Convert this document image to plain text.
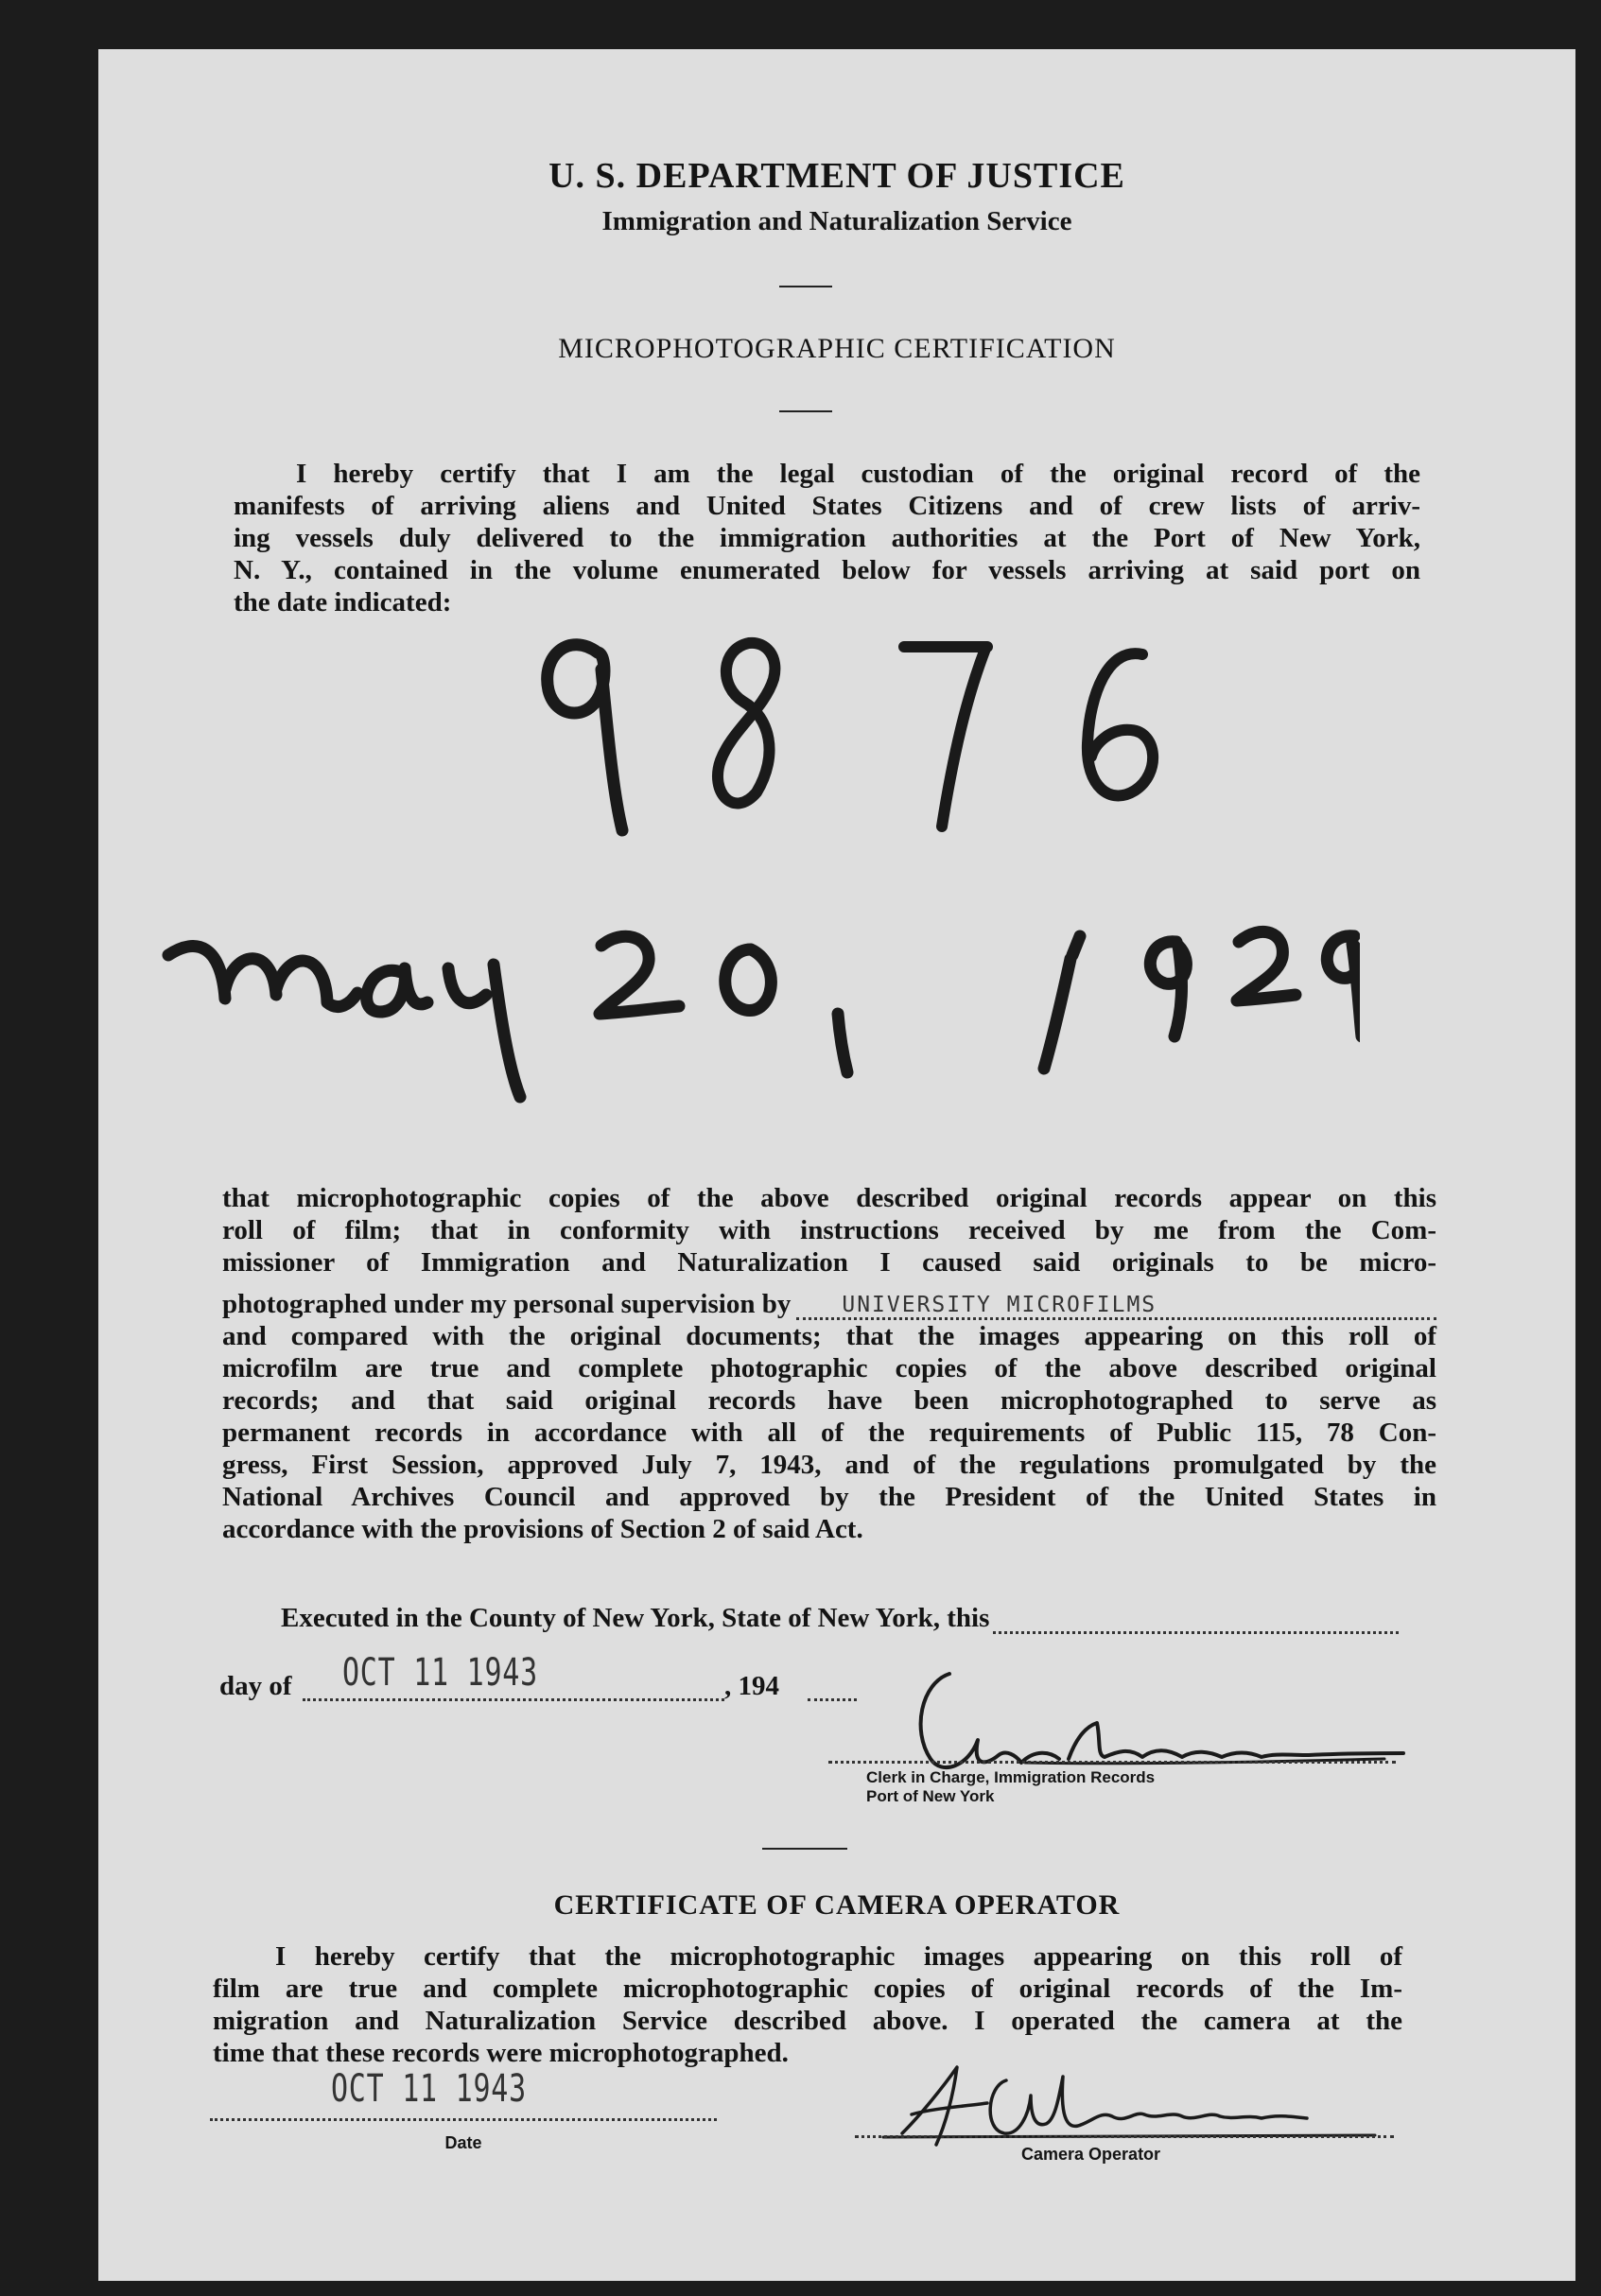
U. S. DEPARTMENT OF JUSTICE
Immigration and Naturalization Service
MICROPHOTOGRAPHIC CERTIFICATION
I hereby certify that I am the legal custodian of the original record of the
manifests of arriving aliens and United States Citizens and of crew lists of arriv-
ing vessels duly delivered to the immigration authorities at the Port of New York,
N. Y., contained in the volume enumerated below for vessels arriving at said port on
the date indicated:
that microphotographic copies of the above described original records appear on this
roll of film; that in conformity with instructions received by me from the Com-
missioner of Immigration and Naturalization I caused said originals to be micro-
photographed under my personal supervision by UNIVERSITY MICROFILMS
and compared with the original documents; that the images appearing on this roll of
microfilm are true and complete photographic copies of the above described original
records; and that said original records have been microphotographed to serve as
permanent records in accordance with all of the requirements of Public 115, 78 Con-
gress, First Session, approved July 7, 1943, and of the regulations promulgated by the
National Archives Council and approved by the President of the United States in
accordance with the provisions of Section 2 of said Act.
Executed in the County of New York, State of New York, this
day of OCT 11 1943	, 194
Clerk in Charge, Immigration Records
Port of New York
CERTIFICATE OF CAMERA OPERATOR
I hereby certify that the microphotographic images appearing on this roll of
film are true and complete microphotographic copies of original records of the Im-
migration and Naturalization Service described above. I operated the camera at the
time that these records were microphotographed.
OCT 11 1943
Date
Camera Operator
